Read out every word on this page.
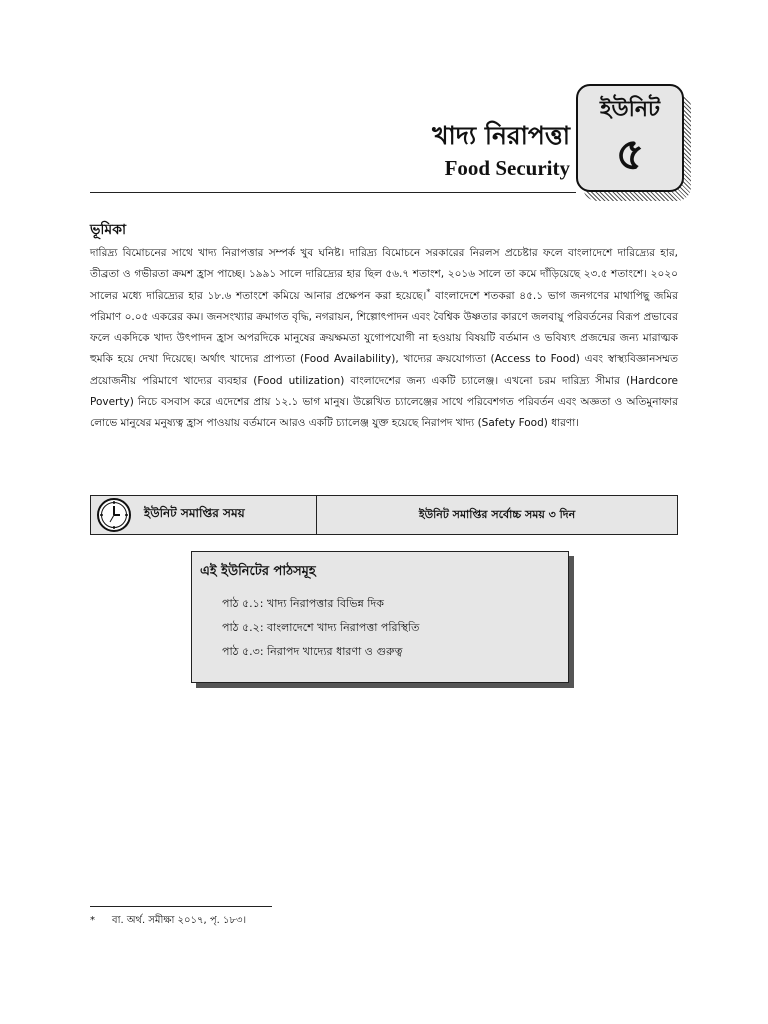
খাদ্য নিরাপত্তা
Food Security
ইউনিট
৫
ভূমিকা
দারিদ্র্য বিমোচনের সাথে খাদ্য নিরাপত্তার সম্পর্ক খুব ঘনিষ্ট। দারিদ্র্য বিমোচনে সরকারের নিরলস প্রচেষ্টার ফলে বাংলাদেশে দারিদ্র্যের হার, তীব্রতা ও গভীরতা ক্রমশ হ্রাস পাচ্ছে। ১৯৯১ সালে দারিদ্র্যের হার ছিল ৫৬.৭ শতাংশ, ২০১৬ সালে তা কমে দাঁড়িয়েছে ২৩.৫ শতাংশে। ২০২০ সালের মধ্যে দারিদ্র্যের হার ১৮.৬ শতাংশে কমিয়ে আনার প্রক্ষেপন করা হয়েছে।* বাংলাদেশে শতকরা ৪৫.১ ভাগ জনগণের মাথাপিছু জমির পরিমাণ ০.০৫ একরের কম। জনসংখ্যার ক্রমাগত বৃদ্ধি, নগরায়ন, শিল্পোৎপাদন এবং বৈশ্বিক উষ্ণতার কারণে জলবায়ু পরিবর্তনের বিরূপ প্রভাবের ফলে একদিকে খাদ্য উৎপাদন হ্রাস অপরদিকে মানুষের ক্রয়ক্ষমতা যুগোপযোগী না হওয়ায় বিষয়টি বর্তমান ও ভবিষ্যৎ প্রজন্মের জন্য মারাত্মক হুমকি হয়ে দেখা দিয়েছে। অর্থাৎ খাদ্যের প্রাপ্যতা (Food Availability), খাদ্যের ক্রয়যোগ্যতা (Access to Food) এবং স্বাস্থ্যবিজ্ঞানসম্মত প্রয়োজনীয় পরিমাণে খাদ্যের ব্যবহার (Food utilization) বাংলাদেশের জন্য একটি চ্যালেঞ্জ। এখনো চরম দারিদ্র্য সীমার (Hardcore Poverty) নিচে বসবাস করে এদেশের প্রায় ১২.১ ভাগ মানুষ। উল্লেখিত চ্যালেঞ্জের সাথে পরিবেশগত পরিবর্তন এবং অজ্ঞতা ও অতিমুনাফার লোভে মানুষের মনুষ্যত্ব হ্রাস পাওয়ায় বর্তমানে আরও একটি চ্যালেঞ্জ যুক্ত হয়েছে নিরাপদ খাদ্য (Safety Food) ধারণা।
ইউনিট সমাপ্তির সময়	ইউনিট সমাপ্তির সর্বোচ্চ সময় ৩ দিন
এই ইউনিটের পাঠসমূহ
পাঠ ৫.১: খাদ্য নিরাপত্তার বিভিন্ন দিক
পাঠ ৫.২: বাংলাদেশে খাদ্য নিরাপত্তা পরিস্থিতি
পাঠ ৫.৩: নিরাপদ খাদ্যের ধারণা ও গুরুত্ব
* বা. অর্থ. সমীক্ষা ২০১৭, পৃ. ১৮৩।
